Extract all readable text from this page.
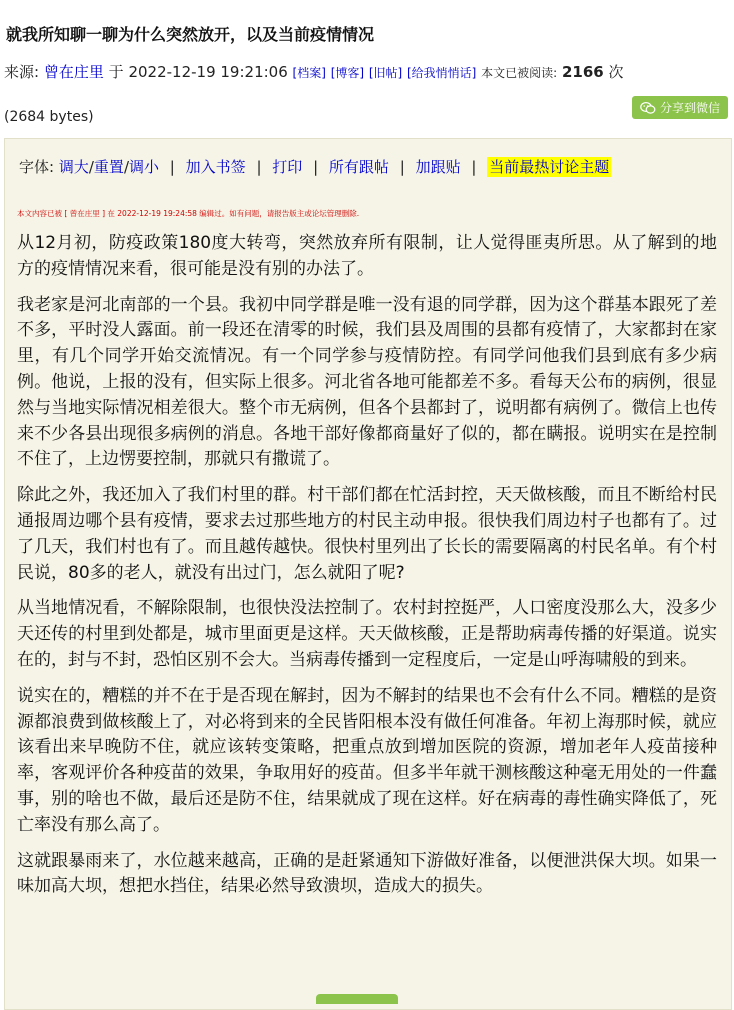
就我所知聊一聊为什么突然放开，以及当前疫情情况
来源: 曾在庄里 于 2022-12-19 19:21:06 [档案] [博客] [旧帖] [给我悄悄话] 本文已被阅读: 2166 次
(2684 bytes)
分享到微信
字体: 调大/重置/调小 | 加入书签 | 打印 | 所有跟帖 | 加跟贴 | 当前最热讨论主题
本文内容已被 [ 曾在庄里 ] 在 2022-12-19 19:24:58 编辑过。如有问题，请报告版主或论坛管理删除.

从12月初，防疫政策180度大转弯，突然放弃所有限制，让人觉得匪夷所思。从了解到的地方的疫情情况来看，很可能是没有别的办法了。

我老家是河北南部的一个县。我初中同学群是唯一没有退的同学群，因为这个群基本跟死了差不多，平时没人露面。前一段还在清零的时候，我们县及周围的县都有疫情了，大家都封在家里，有几个同学开始交流情况。有一个同学参与疫情防控。有同学问他我们县到底有多少病例。他说，上报的没有，但实际上很多。河北省各地可能都差不多。看每天公布的病例，很显然与当地实际情况相差很大。整个市无病例，但各个县都封了，说明都有病例了。微信上也传来不少各县出现很多病例的消息。各地干部好像都商量好了似的，都在瞒报。说明实在是控制不住了，上边愣要控制，那就只有撒谎了。

除此之外，我还加入了我们村里的群。村干部们都在忙活封控，天天做核酸，而且不断给村民通报周边哪个县有疫情，要求去过那些地方的村民主动申报。很快我们周边村子也都有了。过了几天，我们村也有了。而且越传越快。很快村里列出了长长的需要隔离的村民名单。有个村民说，80多的老人，就没有出过门，怎么就阳了呢?

从当地情况看，不解除限制，也很快没法控制了。农村封控挺严，人口密度没那么大，没多少天还传的村里到处都是，城市里面更是这样。天天做核酸，正是帮助病毒传播的好渠道。说实在的，封与不封，恐怕区别不会大。当病毒传播到一定程度后，一定是山呼海啸般的到来。

说实在的，糟糕的并不在于是否现在解封，因为不解封的结果也不会有什么不同。糟糕的是资源都浪费到做核酸上了，对必将到来的全民皆阳根本没有做任何准备。年初上海那时候，就应该看出来早晚防不住，就应该转变策略，把重点放到增加医院的资源，增加老年人疫苗接种率，客观评价各种疫苗的效果，争取用好的疫苗。但多半年就干测核酸这种毫无用处的一件蠢事，别的啥也不做，最后还是防不住，结果就成了现在这样。好在病毒的毒性确实降低了，死亡率没有那么高了。

这就跟暴雨来了，水位越来越高，正确的是赶紧通知下游做好准备，以便泄洪保大坝。如果一味加高大坝，想把水挡住，结果必然导致溃坝，造成大的损失。
